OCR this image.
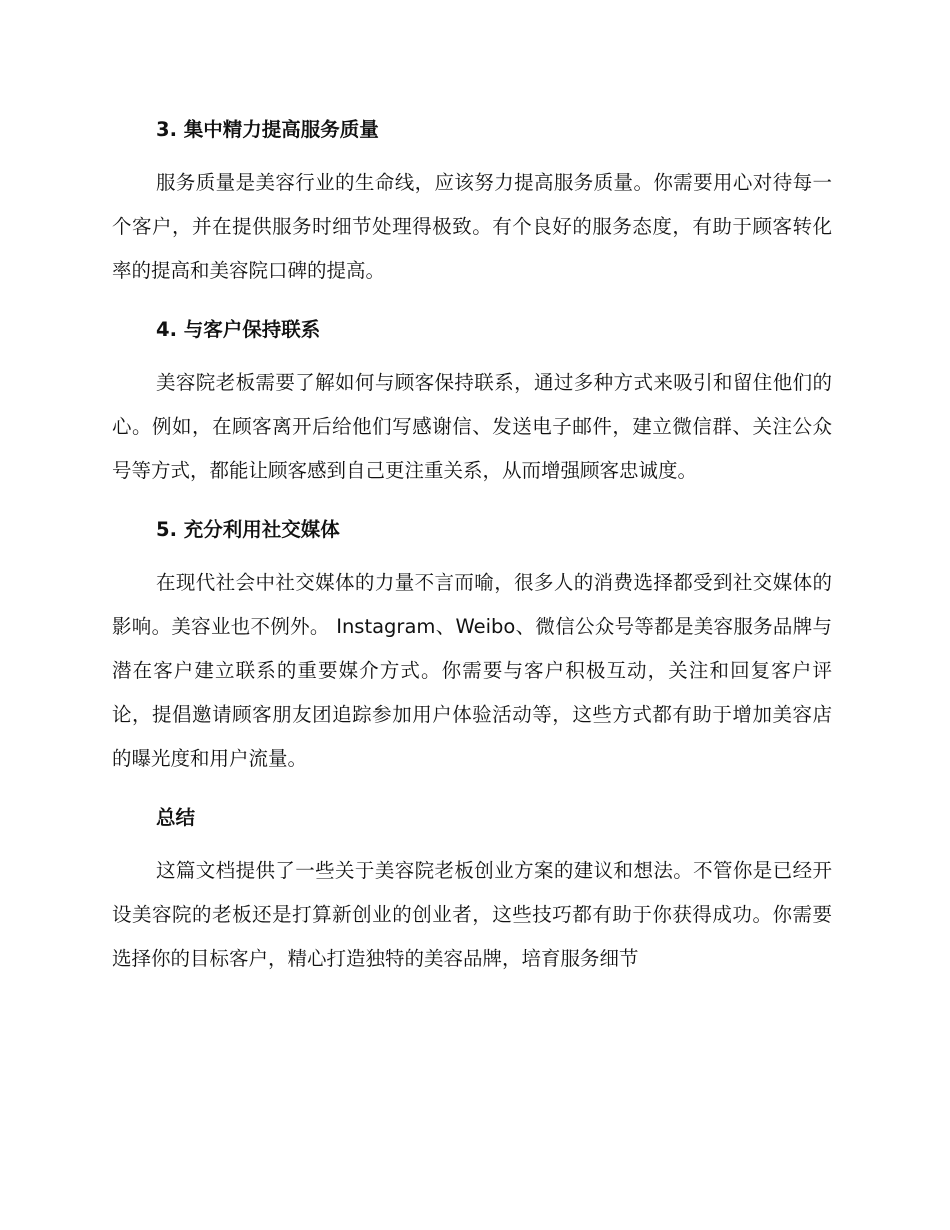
3. 集中精力提高服务质量

服务质量是美容行业的生命线，应该努力提高服务质量。你需要用心对待每一个客户，并在提供服务时细节处理得极致。有个良好的服务态度，有助于顾客转化率的提高和美容院口碑的提高。

4. 与客户保持联系

美容院老板需要了解如何与顾客保持联系，通过多种方式来吸引和留住他们的心。例如，在顾客离开后给他们写感谢信、发送电子邮件，建立微信群、关注公众号等方式，都能让顾客感到自己更注重关系，从而增强顾客忠诚度。

5. 充分利用社交媒体

在现代社会中社交媒体的力量不言而喻，很多人的消费选择都受到社交媒体的影响。美容业也不例外。 Instagram、Weibo、微信公众号等都是美容服务品牌与潜在客户建立联系的重要媒介方式。你需要与客户积极互动，关注和回复客户评论，提倡邀请顾客朋友团追踪参加用户体验活动等，这些方式都有助于增加美容店的曝光度和用户流量。

总结

这篇文档提供了一些关于美容院老板创业方案的建议和想法。不管你是已经开设美容院的老板还是打算新创业的创业者，这些技巧都有助于你获得成功。你需要选择你的目标客户，精心打造独特的美容品牌，培育服务细节
